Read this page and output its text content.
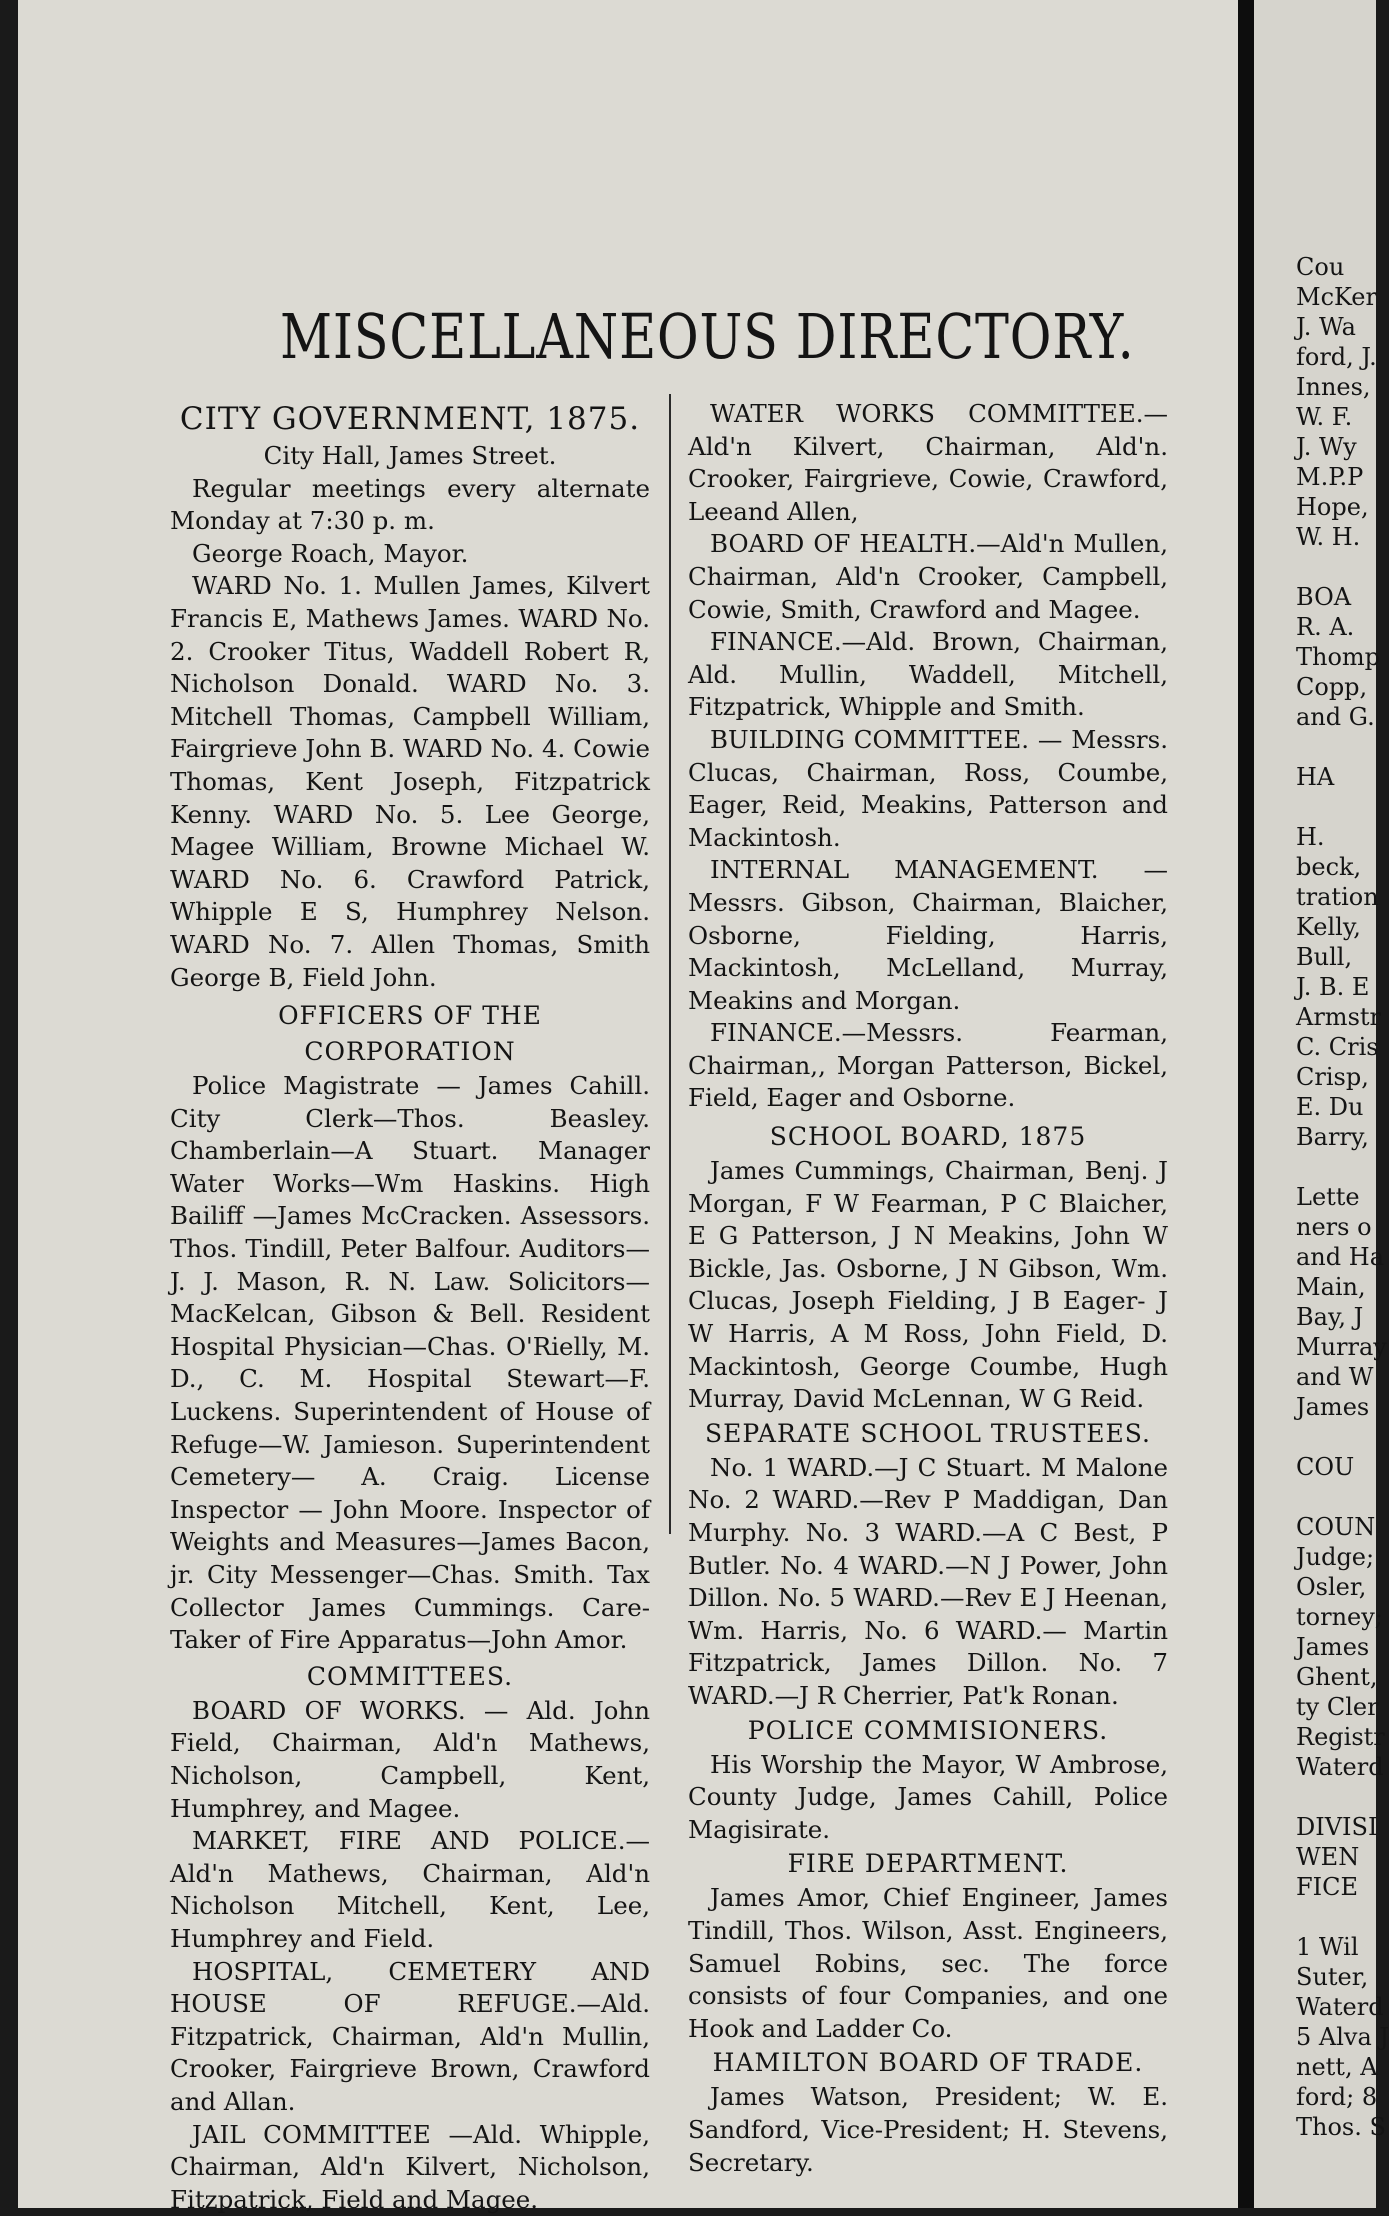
Cou
McKer
J. Wa
ford, J.
Innes,
W. F.
J. Wy
M.P.P
Hope,
W. H.
BOA
R. A.
Thomp
Copp,
and G.
HA
H.
beck,
tration
Kelly,
Bull,
J. B. E
Armstr
C. Cris
Crisp,
E. Du
Barry,
Lette
ners o
and Ha
Main,
Bay, J
Murray
and W
James
COU
COUN
Judge;
Osler,
torney;
James
Ghent,
ty Cler
Registr
Waterd
DIVISI
WEN
FICE
1 Wil
Suter,
Waterd
5 Alva J
nett, A
ford; 8
Thos. S
MISCELLANEOUS DIRECTORY.
CITY GOVERNMENT, 1875.

City Hall, James Street.

Regular meetings every alternate Monday at 7:30 p. m.

George Roach, Mayor.

WARD No. 1. Mullen James, Kilvert Francis E, Mathews James. WARD No. 2. Crooker Titus, Waddell Robert R, Nicholson Donald. WARD No. 3. Mitchell Thomas, Campbell William, Fairgrieve John B. WARD No. 4. Cowie Thomas, Kent Joseph, Fitzpatrick Kenny. WARD No. 5. Lee George, Magee William, Browne Michael W. WARD No. 6. Crawford Patrick, Whipple E S, Humphrey Nelson. WARD No. 7. Allen Thomas, Smith George B, Field John.

OFFICERS OF THE CORPORATION

Police Magistrate — James Cahill. City Clerk—Thos. Beasley. Chamberlain—A Stuart. Manager Water Works—Wm Haskins. High Bailiff —James McCracken. Assessors. Thos. Tindill, Peter Balfour. Auditors—J. J. Mason, R. N. Law. Solicitors—MacKelcan, Gibson & Bell. Resident Hospital Physician—Chas. O'Rielly, M. D., C. M. Hospital Stewart—F. Luckens. Superintendent of House of Refuge—W. Jamieson. Superintendent Cemetery— A. Craig. License Inspector — John Moore. Inspector of Weights and Measures—James Bacon, jr. City Messenger—Chas. Smith. Tax Collector James Cummings. Care-Taker of Fire Apparatus—John Amor.

COMMITTEES.

BOARD OF WORKS. — Ald. John Field, Chairman, Ald'n Mathews, Nicholson, Campbell, Kent, Humphrey, and Magee.

MARKET, FIRE AND POLICE.—Ald'n Mathews, Chairman, Ald'n Nicholson Mitchell, Kent, Lee, Humphrey and Field.

HOSPITAL, CEMETERY AND HOUSE OF REFUGE.—Ald. Fitzpatrick, Chairman, Ald'n Mullin, Crooker, Fairgrieve Brown, Crawford and Allan.

JAIL COMMITTEE —Ald. Whipple, Chairman, Ald'n Kilvert, Nicholson, Fitzpatrick, Field and Magee.

WATER WORKS COMMITTEE.—Ald'n Kilvert, Chairman, Ald'n. Crooker, Fairgrieve, Cowie, Crawford, Leeand Allen,

BOARD OF HEALTH.—Ald'n Mullen, Chairman, Ald'n Crooker, Campbell, Cowie, Smith, Crawford and Magee.

FINANCE.—Ald. Brown, Chairman, Ald. Mullin, Waddell, Mitchell, Fitzpatrick, Whipple and Smith.

BUILDING COMMITTEE. — Messrs. Clucas, Chairman, Ross, Coumbe, Eager, Reid, Meakins, Patterson and Mackintosh.

INTERNAL MANAGEMENT. — Messrs. Gibson, Chairman, Blaicher, Osborne, Fielding, Harris, Mackintosh, McLelland, Murray, Meakins and Morgan.

FINANCE.—Messrs. Fearman, Chairman,, Morgan Patterson, Bickel, Field, Eager and Osborne.

SCHOOL BOARD, 1875

James Cummings, Chairman, Benj. J Morgan, F W Fearman, P C Blaicher, E G Patterson, J N Meakins, John W Bickle, Jas. Osborne, J N Gibson, Wm. Clucas, Joseph Fielding, J B Eager- J W Harris, A M Ross, John Field, D. Mackintosh, George Coumbe, Hugh Murray, David McLennan, W G Reid.

SEPARATE SCHOOL TRUSTEES.

No. 1 WARD.—J C Stuart. M Malone No. 2 WARD.—Rev P Maddigan, Dan Murphy. No. 3 WARD.—A C Best, P Butler. No. 4 WARD.—N J Power, John Dillon. No. 5 WARD.—Rev E J Heenan, Wm. Harris, No. 6 WARD.— Martin Fitzpatrick, James Dillon. No. 7 WARD.—J R Cherrier, Pat'k Ronan.

POLICE COMMISIONERS.

His Worship the Mayor, W Ambrose, County Judge, James Cahill, Police Magisirate.

FIRE DEPARTMENT.

James Amor, Chief Engineer, James Tindill, Thos. Wilson, Asst. Engineers, Samuel Robins, sec. The force consists of four Companies, and one Hook and Ladder Co.

HAMILTON BOARD OF TRADE.

James Watson, President; W. E. Sandford, Vice-President; H. Stevens, Secretary.
